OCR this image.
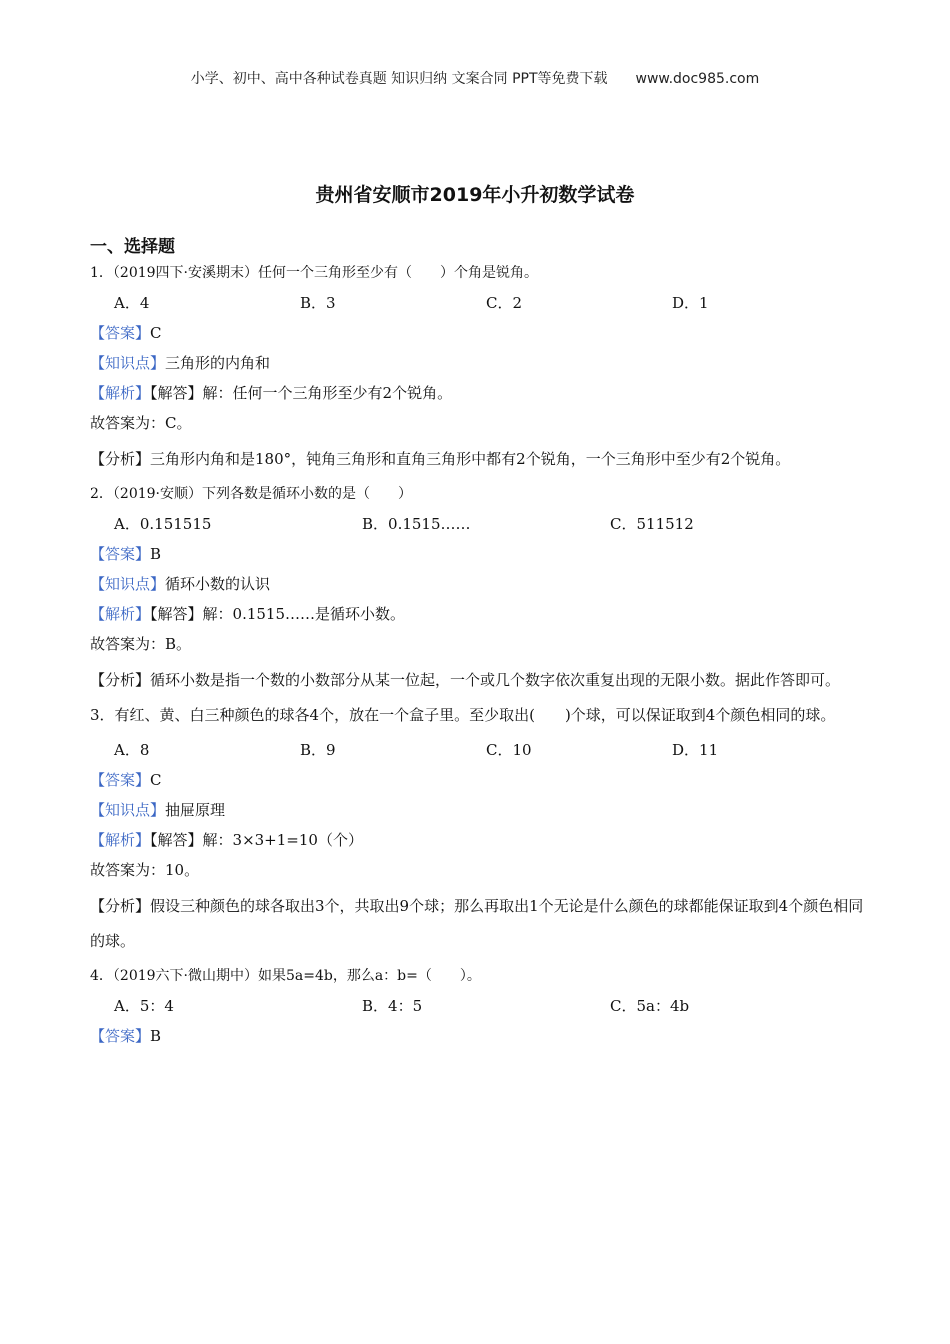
小学、初中、高中各种试卷真题 知识归纳 文案合同 PPT等免费下载 www.doc985.com
贵州省安顺市2019年小升初数学试卷
一、选择题
1．（2019四下·安溪期末）任何一个三角形至少有（　　）个角是锐角。
A．4	B．3	C．2	D．1
【答案】C
【知识点】三角形的内角和
【解析】【解答】解：任何一个三角形至少有2个锐角。
故答案为：C。
【分析】三角形内角和是180°，钝角三角形和直角三角形中都有2个锐角，一个三角形中至少有2个锐角。
2．（2019·安顺）下列各数是循环小数的是（　　）
A．0.151515	B．0.1515……	C．511512
【答案】B
【知识点】循环小数的认识
【解析】【解答】解：0.1515……是循环小数。
故答案为：B。
【分析】循环小数是指一个数的小数部分从某一位起，一个或几个数字依次重复出现的无限小数。据此作答即可。
3．有红、黄、白三种颜色的球各4个，放在一个盒子里。至少取出(　　)个球，可以保证取到4个颜色相同的球。
A．8	B．9	C．10	D．11
【答案】C
【知识点】抽屉原理
【解析】【解答】解：3×3+1=10（个）
故答案为：10。
【分析】假设三种颜色的球各取出3个，共取出9个球；那么再取出1个无论是什么颜色的球都能保证取到4个颜色相同的球。
4．（2019六下·微山期中）如果5a=4b，那么a：b=（　　）。
A．5：4	B．4：5	C．5a：4b
【答案】B
